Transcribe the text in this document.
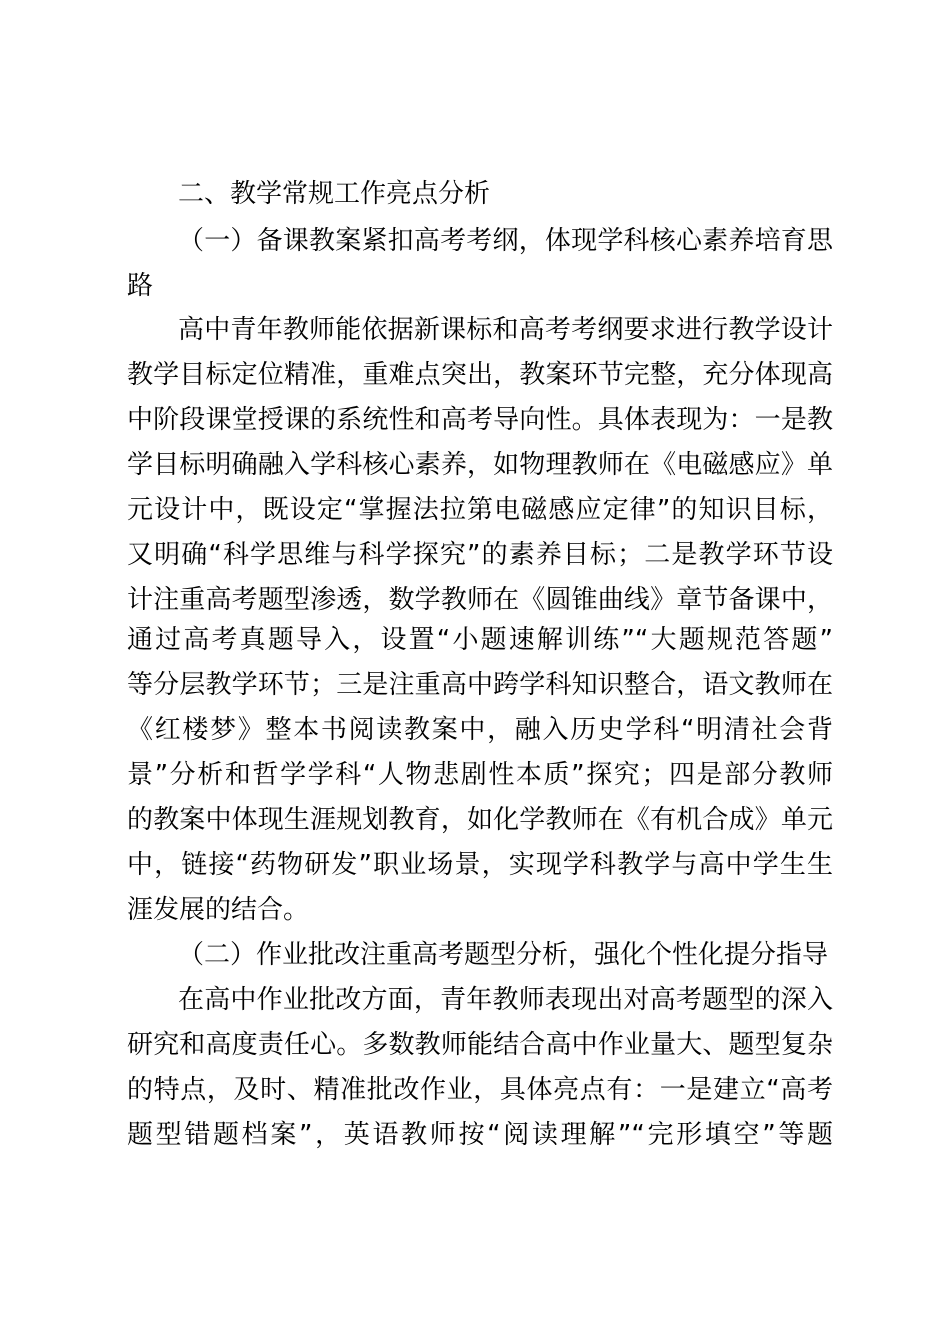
二、教学常规工作亮点分析
（一）备课教案紧扣高考考纲，体现学科核心素养培育思
路
高中青年教师能依据新课标和高考考纲要求进行教学设计
教学目标定位精准，重难点突出，教案环节完整，充分体现高
中阶段课堂授课的系统性和高考导向性。具体表现为：一是教
学目标明确融入学科核心素养，如物理教师在《电磁感应》单
元设计中，既设定“掌握法拉第电磁感应定律”的知识目标，
又明确“科学思维与科学探究”的素养目标；二是教学环节设
计注重高考题型渗透，数学教师在《圆锥曲线》章节备课中，
通过高考真题导入，设置“小题速解训练”“大题规范答题”
等分层教学环节；三是注重高中跨学科知识整合，语文教师在
《红楼梦》整本书阅读教案中，融入历史学科“明清社会背
景”分析和哲学学科“人物悲剧性本质”探究；四是部分教师
的教案中体现生涯规划教育，如化学教师在《有机合成》单元
中，链接“药物研发”职业场景，实现学科教学与高中学生生
涯发展的结合。
（二）作业批改注重高考题型分析，强化个性化提分指导
在高中作业批改方面，青年教师表现出对高考题型的深入
研究和高度责任心。多数教师能结合高中作业量大、题型复杂
的特点，及时、精准批改作业，具体亮点有：一是建立“高考
题型错题档案”，英语教师按“阅读理解”“完形填空”等题
